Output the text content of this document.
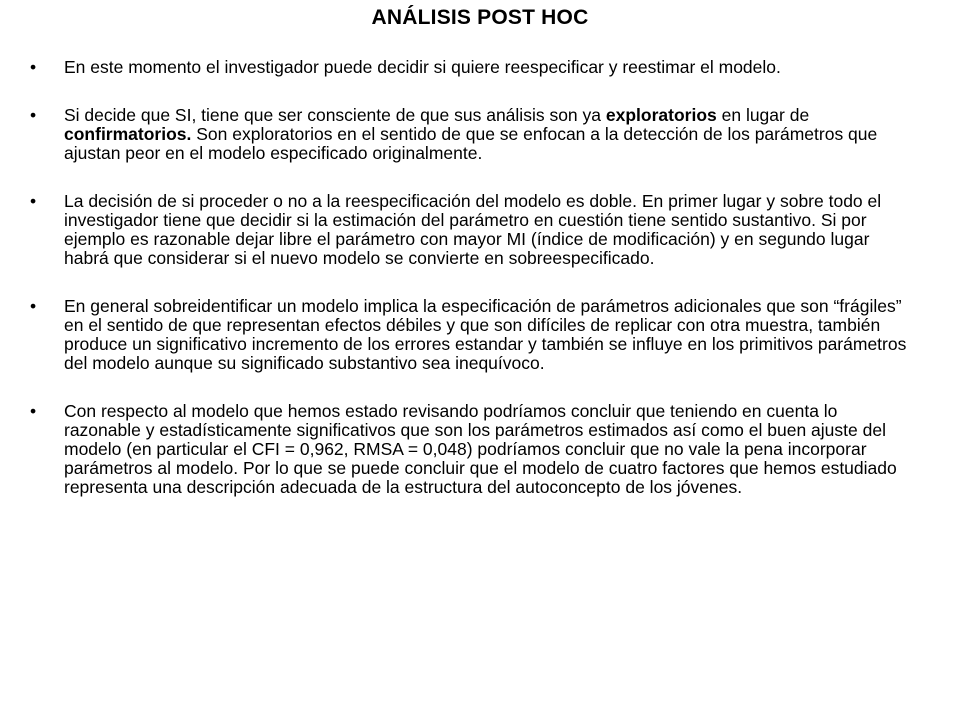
ANÁLISIS POST HOC
• En este momento el investigador puede decidir si quiere reespecificar y reestimar el modelo.
• Si decide que SI, tiene que ser consciente de que sus análisis son ya exploratorios en lugar de confirmatorios. Son exploratorios en el sentido de que se enfocan a la detección de los parámetros que ajustan peor en el modelo especificado originalmente.
• La decisión de si proceder o no a la reespecificación del modelo es doble. En primer lugar y sobre todo el investigador tiene que decidir si la estimación del parámetro en cuestión tiene sentido sustantivo. Si por ejemplo es razonable dejar libre el parámetro con mayor MI (índice de modificación) y en segundo lugar habrá que considerar si el nuevo modelo se convierte en sobreespecificado.
• En general sobreidentificar un modelo implica la especificación de parámetros adicionales que son “frágiles” en el sentido de que representan efectos débiles y que son difíciles de replicar con otra muestra, también produce un significativo incremento de los errores estandar y también se influye en los primitivos parámetros del modelo aunque su significado substantivo sea inequívoco.
• Con respecto al modelo que hemos estado revisando podríamos concluir que teniendo en cuenta lo razonable y estadísticamente significativos que son los parámetros estimados así como el buen ajuste del modelo (en particular el CFI = 0,962, RMSA = 0,048) podríamos concluir que no vale la pena incorporar parámetros al modelo. Por lo que se puede concluir que el modelo de cuatro factores que hemos estudiado representa una descripción adecuada de la estructura del autoconcepto de los jóvenes.
